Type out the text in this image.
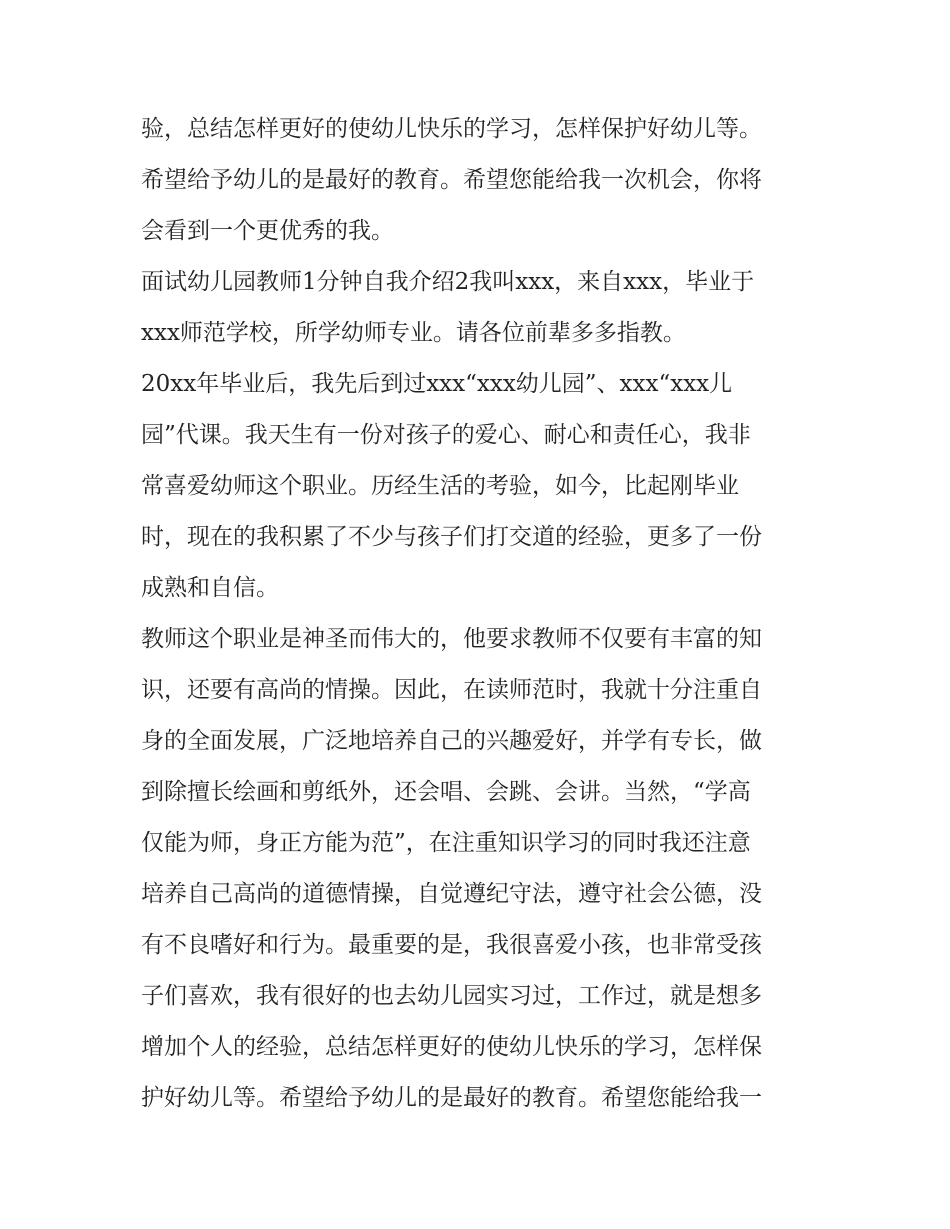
验，总结怎样更好的使幼儿快乐的学习，怎样保护好幼儿等。
希望给予幼儿的是最好的教育。希望您能给我一次机会，你将
会看到一个更优秀的我。
面试幼儿园教师1分钟自我介绍2我叫xxx，来自xxx，毕业于
xxx师范学校，所学幼师专业。请各位前辈多多指教。
20xx年毕业后，我先后到过xxx“xxx幼儿园”、xxx“xxx儿
园”代课。我天生有一份对孩子的爱心、耐心和责任心，我非
常喜爱幼师这个职业。历经生活的考验，如今，比起刚毕业
时，现在的我积累了不少与孩子们打交道的经验，更多了一份
成熟和自信。
教师这个职业是神圣而伟大的，他要求教师不仅要有丰富的知
识，还要有高尚的情操。因此，在读师范时，我就十分注重自
身的全面发展，广泛地培养自己的兴趣爱好，并学有专长，做
到除擅长绘画和剪纸外，还会唱、会跳、会讲。当然，“学高
仅能为师，身正方能为范”，在注重知识学习的同时我还注意
培养自己高尚的道德情操，自觉遵纪守法，遵守社会公德，没
有不良嗜好和行为。最重要的是，我很喜爱小孩，也非常受孩
子们喜欢，我有很好的也去幼儿园实习过，工作过，就是想多
增加个人的经验，总结怎样更好的使幼儿快乐的学习，怎样保
护好幼儿等。希望给予幼儿的是最好的教育。希望您能给我一
